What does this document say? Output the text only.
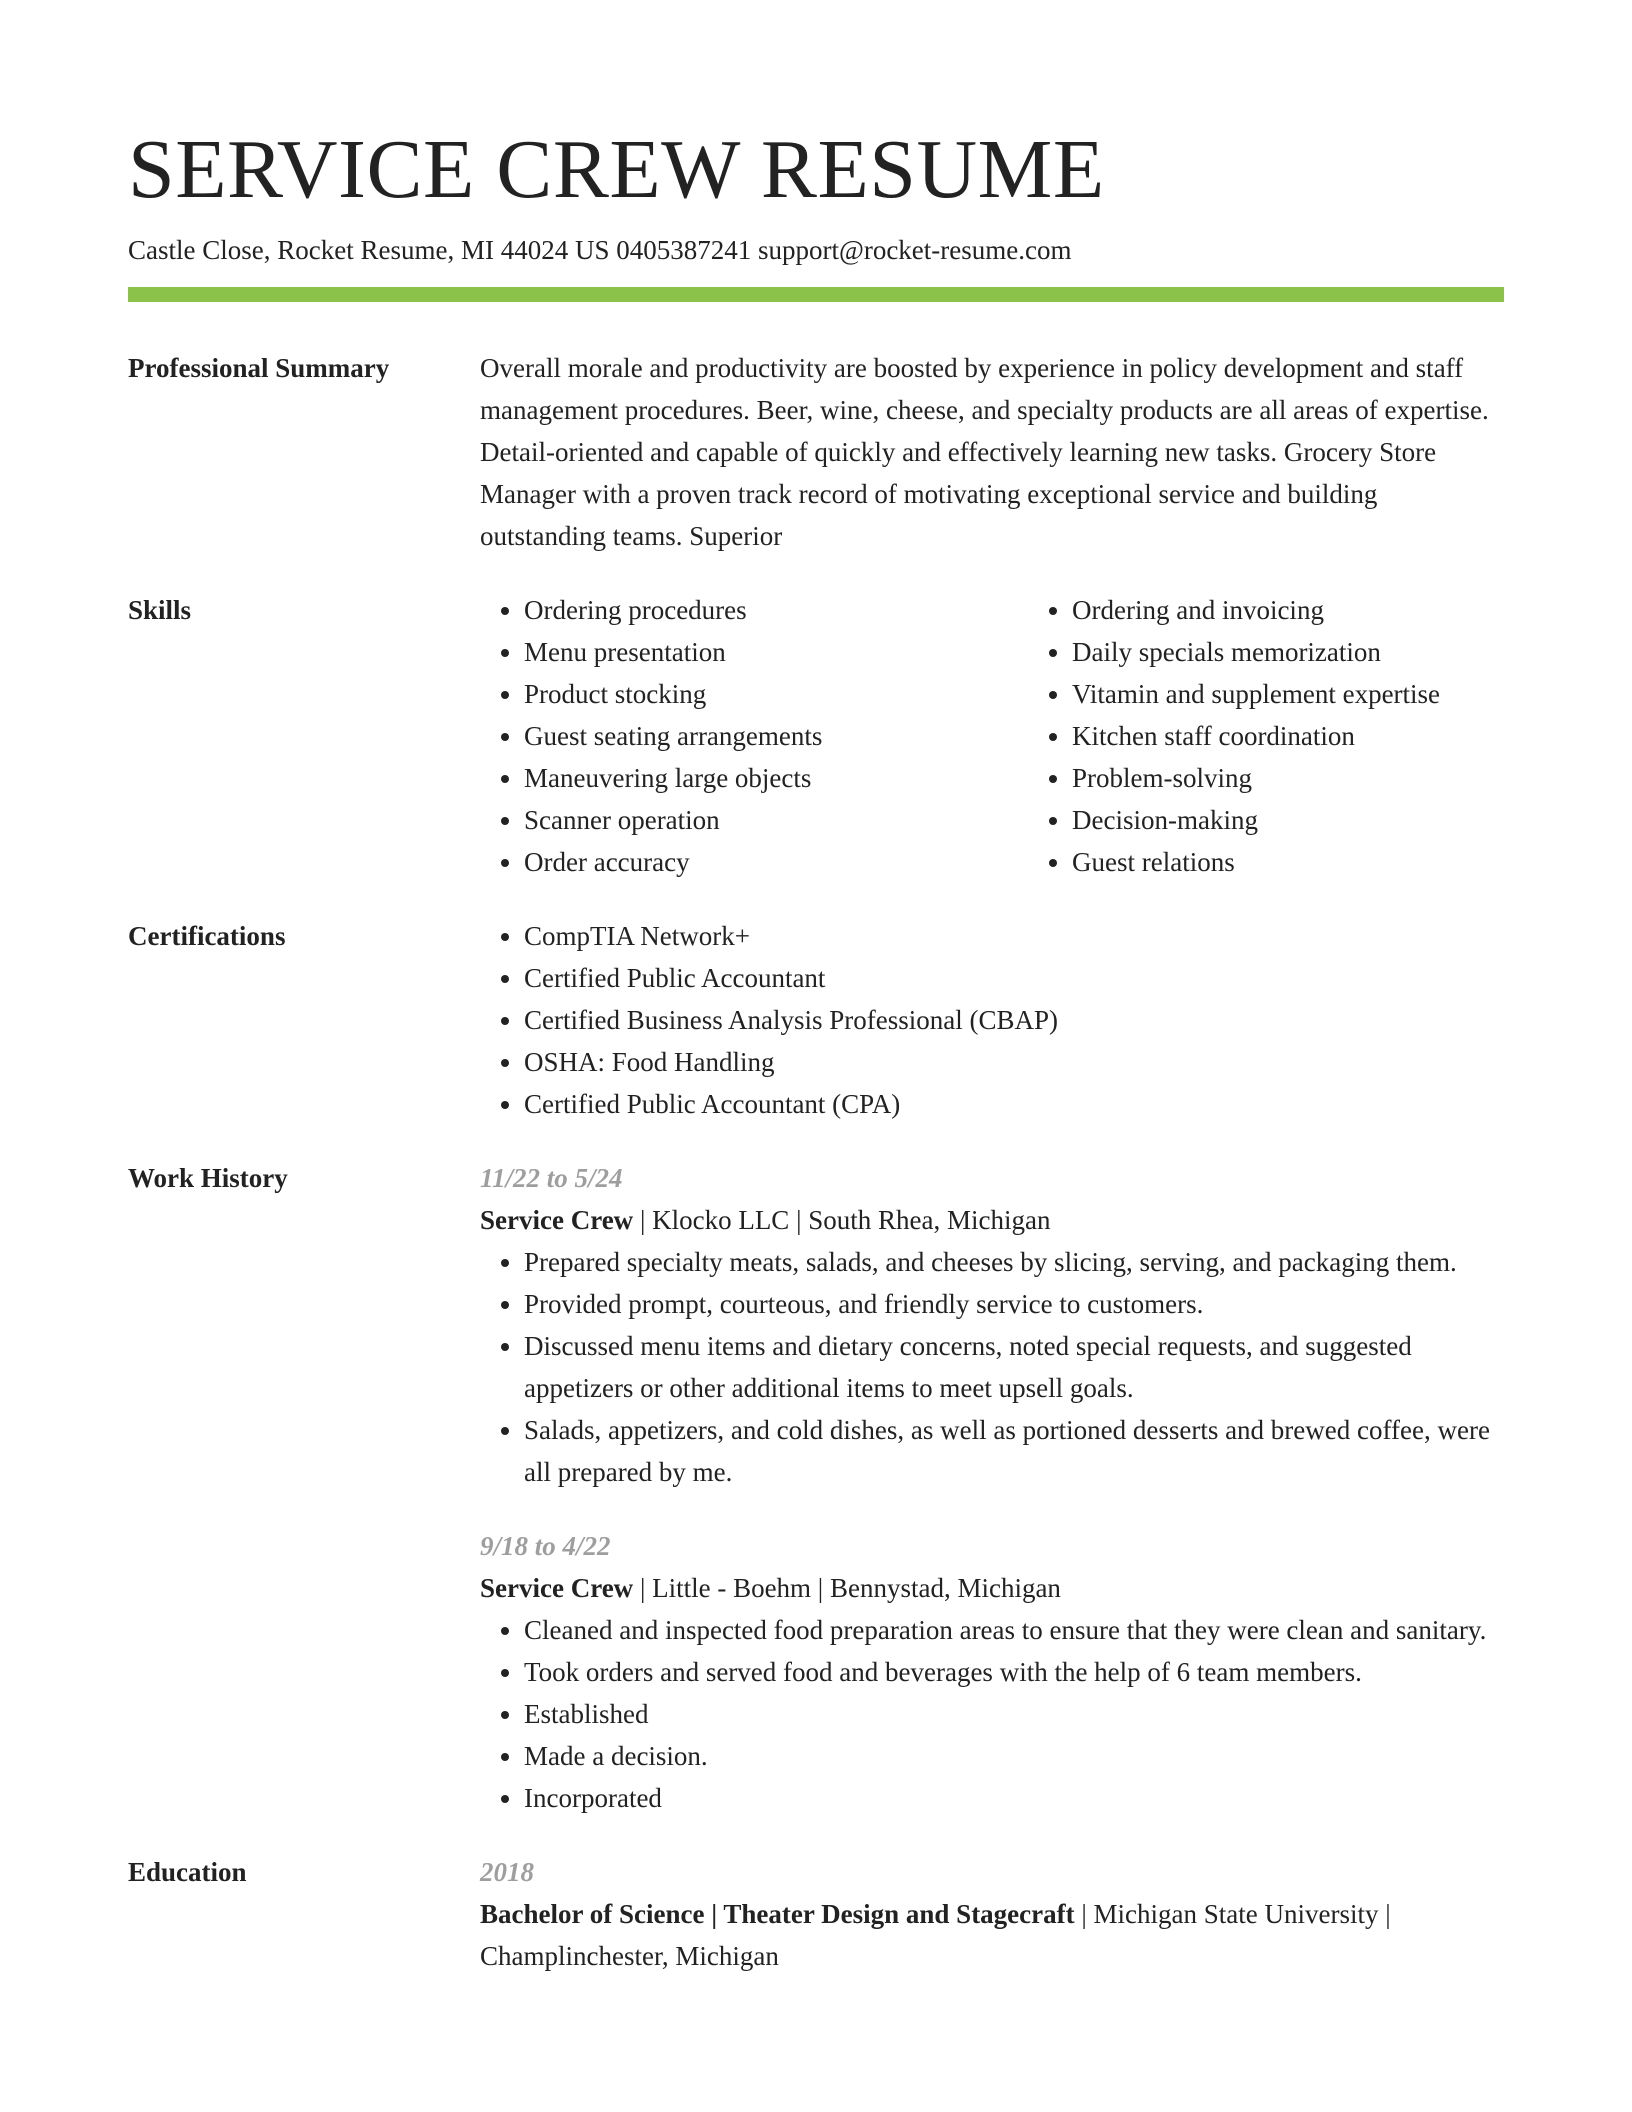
SERVICE CREW RESUME
Castle Close, Rocket Resume, MI 44024 US 0405387241 support@rocket-resume.com
Professional Summary	Overall morale and productivity are boosted by experience in policy development and staff management procedures. Beer, wine, cheese, and specialty products are all areas of expertise. Detail-oriented and capable of quickly and effectively learning new tasks. Grocery Store Manager with a proven track record of motivating exceptional service and building outstanding teams. Superior

Skills	• Ordering procedures
• Menu presentation
• Product stocking
• Guest seating arrangements
• Maneuvering large objects
• Scanner operation
• Order accuracy
• Ordering and invoicing
• Daily specials memorization
• Vitamin and supplement expertise
• Kitchen staff coordination
• Problem-solving
• Decision-making
• Guest relations
Certifications	• CompTIA Network+
• Certified Public Accountant
• Certified Business Analysis Professional (CBAP)
• OSHA: Food Handling
• Certified Public Accountant (CPA)
Work History	11/22 to 5/24
Service Crew | Klocko LLC | South Rhea, Michigan
• Prepared specialty meats, salads, and cheeses by slicing, serving, and packaging them.
• Provided prompt, courteous, and friendly service to customers.
• Discussed menu items and dietary concerns, noted special requests, and suggested appetizers or other additional items to meet upsell goals.
• Salads, appetizers, and cold dishes, as well as portioned desserts and brewed coffee, were all prepared by me.
9/18 to 4/22
Service Crew | Little - Boehm | Bennystad, Michigan
• Cleaned and inspected food preparation areas to ensure that they were clean and sanitary.
• Took orders and served food and beverages with the help of 6 team members.
• Established
• Made a decision.
• Incorporated
Education	2018
Bachelor of Science | Theater Design and Stagecraft | Michigan State University | Champlinchester, Michigan
